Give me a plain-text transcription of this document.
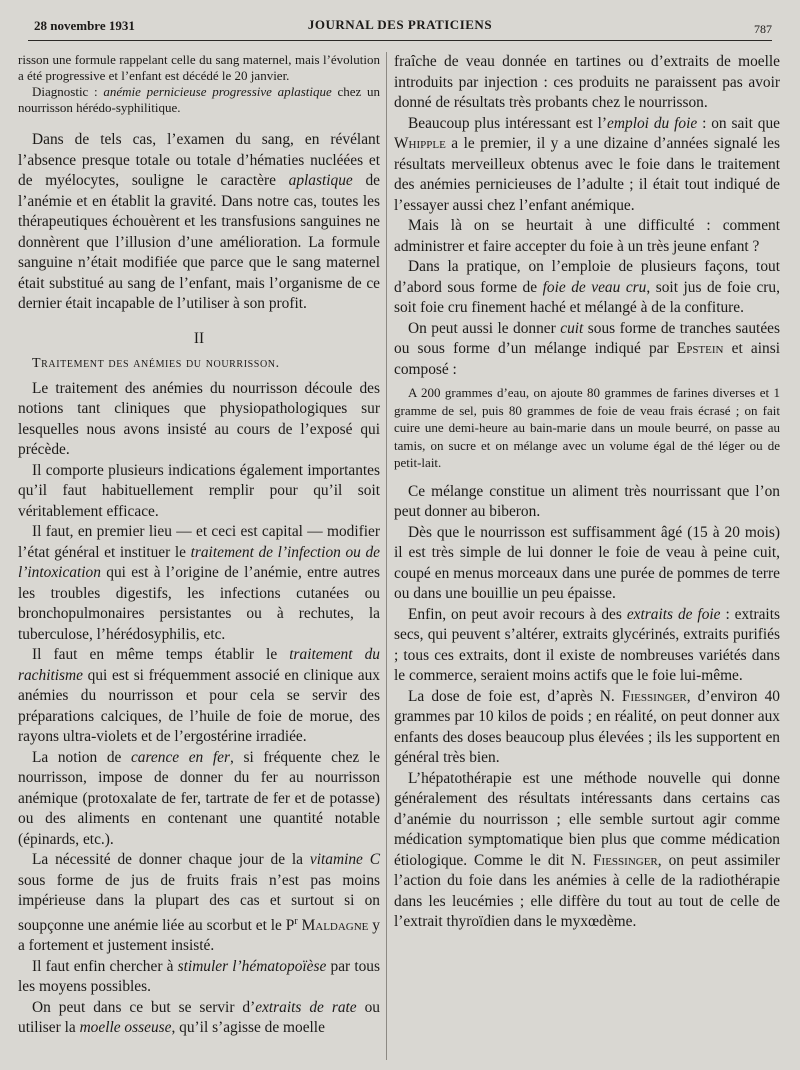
28 novembre 1931	JOURNAL DES PRATICIENS	787

risson une formule rappelant celle du sang maternel, mais l’évolution a été progressive et l’enfant est décédé le 20 janvier.

Diagnostic : anémie pernicieuse progressive aplastique chez un nourrisson hérédo-syphilitique.

Dans de tels cas, l’examen du sang, en révélant l’absence presque totale ou totale d’hématies nucléées et de myélocytes, souligne le caractère aplastique de l’anémie et en établit la gravité. Dans notre cas, toutes les thérapeutiques échouèrent et les transfusions sanguines ne donnèrent que l’illusion d’une amélioration. La formule sanguine n’était modifiée que parce que le sang maternel était substitué au sang de l’enfant, mais l’organisme de ce dernier était incapable de l’utiliser à son profit.

II
Traitement des anémies du nourrisson.

Le traitement des anémies du nourrisson découle des notions tant cliniques que physiopathologiques sur lesquelles nous avons insisté au cours de l’exposé qui précède.

Il comporte plusieurs indications également importantes qu’il faut habituellement remplir pour qu’il soit véritablement efficace.

Il faut, en premier lieu — et ceci est capital — modifier l’état général et instituer le traitement de l’infection ou de l’intoxication qui est à l’origine de l’anémie, entre autres les troubles digestifs, les infections cutanées ou bronchopulmonaires persistantes ou à rechutes, la tuberculose, l’hérédosyphilis, etc.

Il faut en même temps établir le traitement du rachitisme qui est si fréquemment associé en clinique aux anémies du nourrisson et pour cela se servir des préparations calciques, de l’huile de foie de morue, des rayons ultra-violets et de l’ergostérine irradiée.

La notion de carence en fer, si fréquente chez le nourrisson, impose de donner du fer au nourrisson anémique (protoxalate de fer, tartrate de fer et de potasse) ou des aliments en contenant une quantité notable (épinards, etc.).

La nécessité de donner chaque jour de la vitamine C sous forme de jus de fruits frais n’est pas moins impérieuse dans la plupart des cas et surtout si on soupçonne une anémie liée au scorbut et le $P^r$ Maldagne y a fortement et justement insisté.

Il faut enfin chercher à stimuler l’hématopoïèse par tous les moyens possibles.

On peut dans ce but se servir d’extraits de rate ou utiliser la moelle osseuse, qu’il s’agisse de moelle

fraîche de veau donnée en tartines ou d’extraits de moelle introduits par injection : ces produits ne paraissent pas avoir donné de résultats très probants chez le nourrisson.

Beaucoup plus intéressant est l’emploi du foie : on sait que Whipple a le premier, il y a une dizaine d’années signalé les résultats merveilleux obtenus avec le foie dans le traitement des anémies pernicieuses de l’adulte ; il était tout indiqué de l’essayer aussi chez l’enfant anémique.

Mais là on se heurtait à une difficulté : comment administrer et faire accepter du foie à un très jeune enfant ?

Dans la pratique, on l’emploie de plusieurs façons, tout d’abord sous forme de foie de veau cru, soit jus de foie cru, soit foie cru finement haché et mélangé à de la confiture.

On peut aussi le donner cuit sous forme de tranches sautées ou sous forme d’un mélange indiqué par Epstein et ainsi composé :

A 200 grammes d’eau, on ajoute 80 grammes de farines diverses et 1 gramme de sel, puis 80 grammes de foie de veau frais écrasé ; on fait cuire une demi-heure au bain-marie dans un moule beurré, on passe au tamis, on sucre et on mélange avec un volume égal de thé léger ou de petit-lait.

Ce mélange constitue un aliment très nourrissant que l’on peut donner au biberon.

Dès que le nourrisson est suffisamment âgé (15 à 20 mois) il est très simple de lui donner le foie de veau à peine cuit, coupé en menus morceaux dans une purée de pommes de terre ou dans une bouillie un peu épaisse.

Enfin, on peut avoir recours à des extraits de foie : extraits secs, qui peuvent s’altérer, extraits glycérinés, extraits purifiés ; tous ces extraits, dont il existe de nombreuses variétés dans le commerce, seraient moins actifs que le foie lui-même.

La dose de foie est, d’après N. Fiessinger, d’environ 40 grammes par 10 kilos de poids ; en réalité, on peut donner aux enfants des doses beaucoup plus élevées ; ils les supportent en général très bien.

L’hépatothérapie est une méthode nouvelle qui donne généralement des résultats intéressants dans certains cas d’anémie du nourrisson ; elle semble surtout agir comme médication symptomatique bien plus que comme médication étiologique. Comme le dit N. Fiessinger, on peut assimiler l’action du foie dans les anémies à celle de la radiothérapie dans les leucémies ; elle diffère du tout au tout de celle de l’extrait thyroïdien dans le myxœdème.
